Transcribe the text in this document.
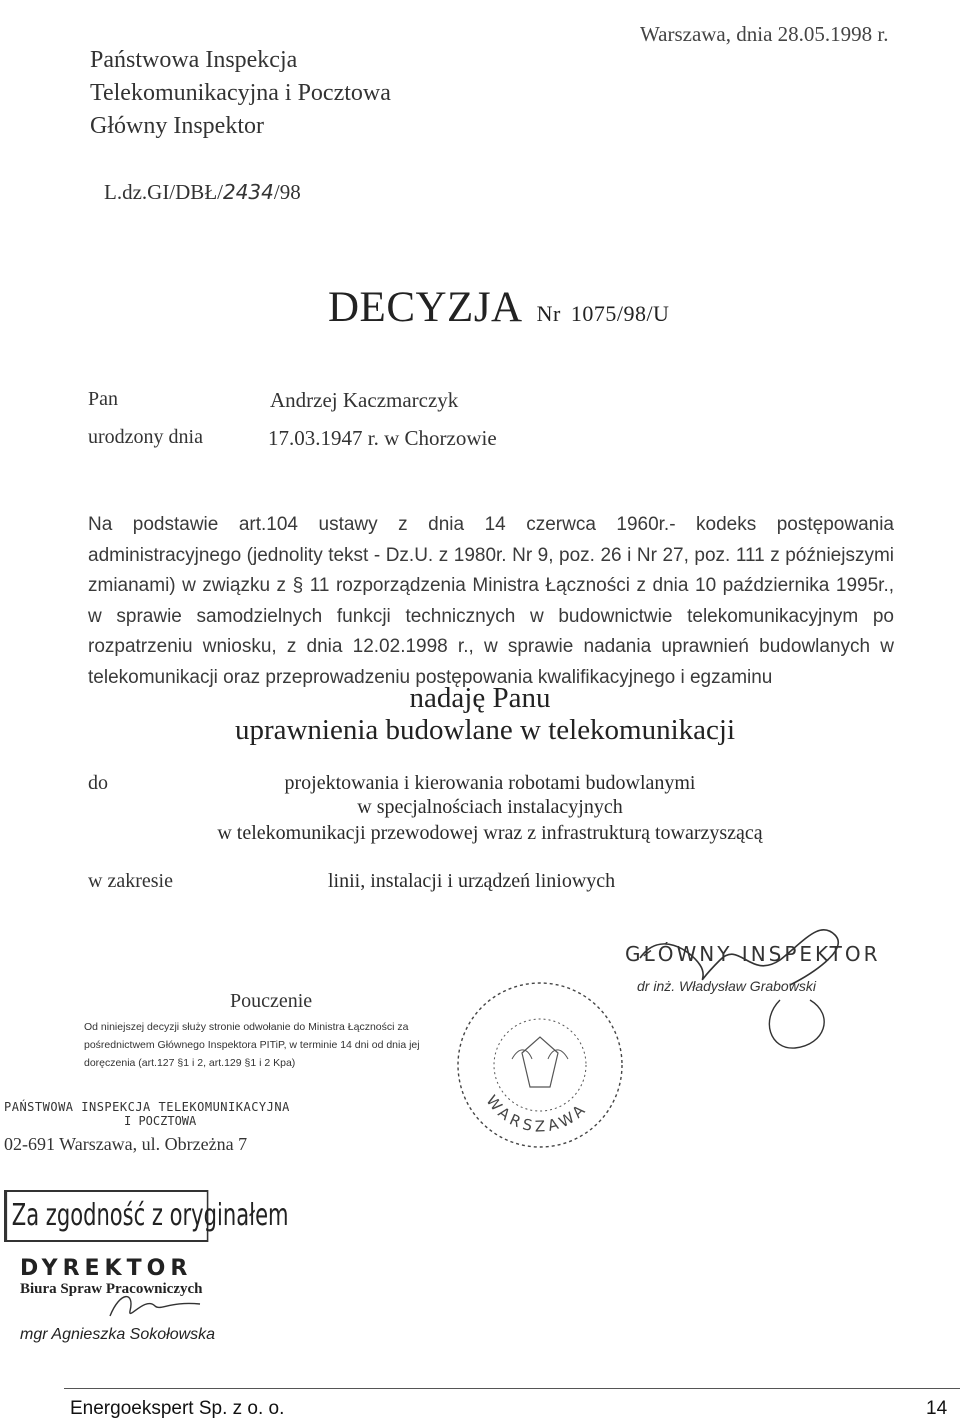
Warszawa, dnia 28.05.1998 r.
Państwowa Inspekcja
Telekomunikacyjna i Pocztowa
Główny Inspektor
L.dz.GI/DBŁ/2434/98
DECYZJA Nr 1075/98/U
Pan	Andrzej Kaczmarczyk
urodzony dnia	17.03.1947 r. w Chorzowie
Na podstawie art.104 ustawy z dnia 14 czerwca 1960r.- kodeks postępowania administracyjnego (jednolity tekst - Dz.U. z 1980r. Nr 9, poz. 26 i Nr 27, poz. 111 z późniejszymi zmianami) w związku z § 11 rozporządzenia Ministra Łączności z dnia 10 października 1995r., w sprawie samodzielnych funkcji technicznych w budownictwie telekomunikacyjnym po rozpatrzeniu wniosku, z dnia 12.02.1998 r., w sprawie nadania uprawnień budowlanych w telekomunikacji oraz przeprowadzeniu postępowania kwalifikacyjnego i egzaminu
nadaję Panu
uprawnienia budowlane w telekomunikacji
do	projektowania i kierowania robotami budowlanymi
w specjalnościach instalacyjnych
w telekomunikacji przewodowej wraz z infrastrukturą towarzyszącą
w zakresie	linii, instalacji i urządzeń liniowych
Pouczenie
Od niniejszej decyzji służy stronie odwołanie do Ministra Łączności za pośrednictwem Głównego Inspektora PITiP, w terminie 14 dni od dnia jej doręczenia (art.127 §1 i 2, art.129 §1 i 2 Kpa)
GŁÓWNY INSPEKTOR
dr inż. Władysław Grabowski
WARSZAWA
PAŃSTWOWA INSPEKCJA TELEKOMUNIKACYJNA
I POCZTOWA
02-691 Warszawa, ul. Obrzeżna 7
Za zgodność z oryginałem
DYREKTOR
Biura Spraw Pracowniczych
mgr Agnieszka Sokołowska
Energoekspert Sp. z o. o.	14
